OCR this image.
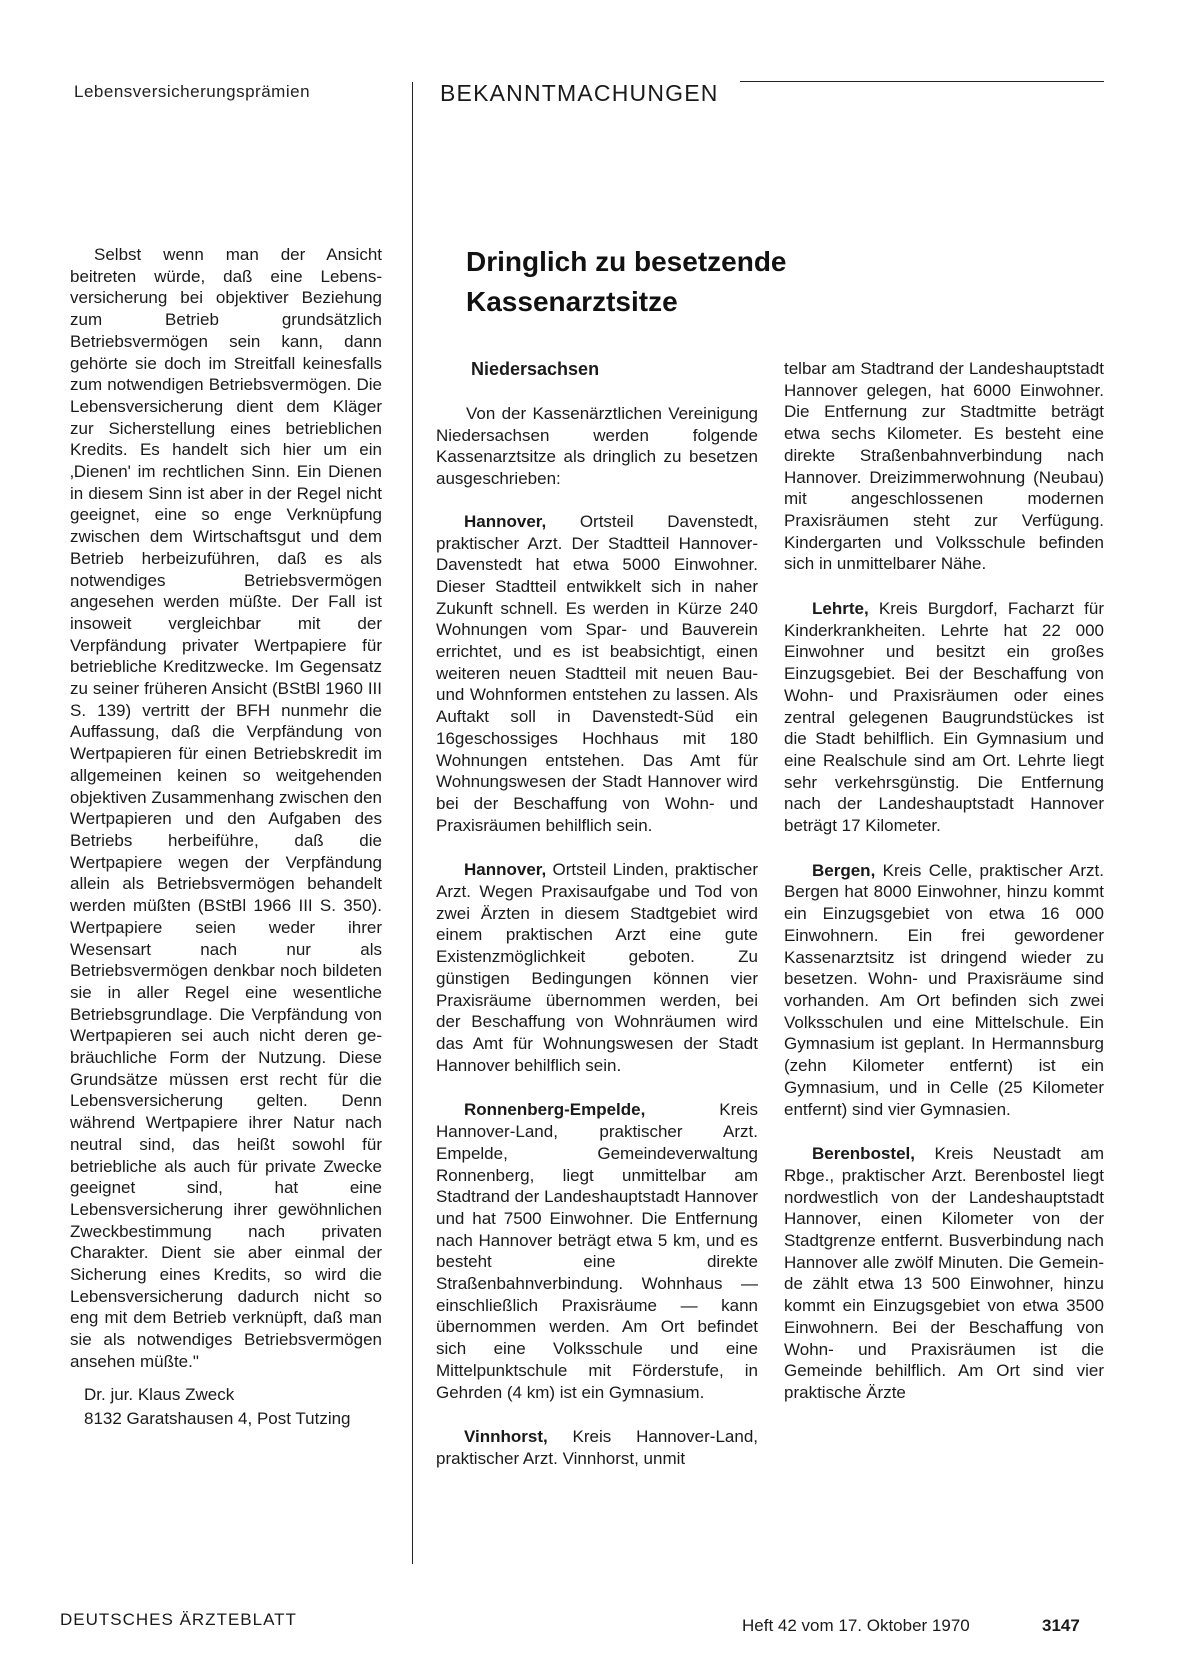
Lebensversicherungsprämien	BEKANNTMACHUNGEN

Selbst wenn man der Ansicht beitreten würde, daß eine Lebensversicherung bei objektiver Beziehung zum Betrieb grundsätzlich Betriebsvermögen sein kann, dann gehörte sie doch im Streitfall keinesfalls zum notwendigen Betriebsvermögen. Die Lebensversicherung dient dem Kläger zur Sicherstellung eines betrieblichen Kredits. Es handelt sich hier um ein ‚Dienen' im rechtlichen Sinn. Ein Dienen in diesem Sinn ist aber in der Regel nicht geeignet, eine so enge Verknüpfung zwischen dem Wirtschaftsgut und dem Betrieb herbeizuführen, daß es als notwendiges Betriebsvermögen angesehen werden müßte. Der Fall ist insoweit vergleichbar mit der Verpfändung privater Wertpapiere für betriebliche Kreditzwecke. Im Gegensatz zu seiner früheren Ansicht (BStBl 1960 III S. 139) vertritt der BFH nunmehr die Auffassung, daß die Verpfändung von Wertpapieren für einen Betriebskredit im allgemeinen keinen so weitgehenden objektiven Zusammenhang zwischen den Wertpapieren und den Aufgaben des Betriebs herbeiführe, daß die Wertpapiere wegen der Verpfändung allein als Betriebsvermögen behandelt werden müßten (BStBl 1966 III S. 350). Wertpapiere seien weder ihrer Wesensart nach nur als Betriebsvermögen denkbar noch bildeten sie in aller Regel eine wesentliche Betriebsgrundlage. Die Verpfändung von Wertpapieren sei auch nicht deren gebräuchliche Form der Nutzung. Diese Grundsätze müssen erst recht für die Lebensversicherung gelten. Denn während Wertpapiere ihrer Natur nach neutral sind, das heißt sowohl für betriebliche als auch für private Zwecke geeignet sind, hat eine Lebensversicherung ihrer gewöhnlichen Zweckbestimmung nach privaten Charakter. Dient sie aber einmal der Sicherung eines Kredits, so wird die Lebensversicherung dadurch nicht so eng mit dem Betrieb verknüpft, daß man sie als notwendiges Betriebsvermögen ansehen müßte."

Dr. jur. Klaus Zweck
8132 Garatshausen 4, Post Tutzing

Dringlich zu besetzende
Kassenarztsitze
Niedersachsen

Von der Kassenärztlichen Vereinigung Niedersachsen werden folgende Kassenarztsitze als dringlich zu besetzen ausgeschrieben:

Hannover, Ortsteil Davenstedt, praktischer Arzt. Der Stadtteil Hannover-Davenstedt hat etwa 5000 Einwohner. Dieser Stadtteil entwikkelt sich in naher Zukunft schnell. Es werden in Kürze 240 Wohnungen vom Spar- und Bauverein errichtet, und es ist beabsichtigt, einen weiteren neuen Stadtteil mit neuen Bau- und Wohnformen entstehen zu lassen. Als Auftakt soll in Davenstedt-Süd ein 16geschossiges Hochhaus mit 180 Wohnungen entstehen. Das Amt für Wohnungswesen der Stadt Hannover wird bei der Beschaffung von Wohn- und Praxisräumen behilflich sein.

Hannover, Ortsteil Linden, praktischer Arzt. Wegen Praxisaufgabe und Tod von zwei Ärzten in diesem Stadtgebiet wird einem praktischen Arzt eine gute Existenzmöglichkeit geboten. Zu günstigen Bedingungen können vier Praxisräume übernommen werden, bei der Beschaffung von Wohnräumen wird das Amt für Wohnungswesen der Stadt Hannover behilflich sein.

Ronnenberg-Empelde, Kreis Hannover-Land, praktischer Arzt. Empelde, Gemeindeverwaltung Ronnenberg, liegt unmittelbar am Stadtrand der Landeshauptstadt Hannover und hat 7500 Einwohner. Die Entfernung nach Hannover beträgt etwa 5 km, und es besteht eine direkte Straßenbahnverbindung. Wohnhaus — einschließlich Praxisräume — kann übernommen werden. Am Ort befindet sich eine Volksschule und eine Mittelpunktschule mit Förderstufe, in Gehrden (4 km) ist ein Gymnasium.

Vinnhorst, Kreis Hannover-Land, praktischer Arzt. Vinnhorst, unmit

telbar am Stadtrand der Landeshauptstadt Hannover gelegen, hat 6000 Einwohner. Die Entfernung zur Stadtmitte beträgt etwa sechs Kilometer. Es besteht eine direkte Straßenbahnverbindung nach Hannover. Dreizimmerwohnung (Neubau) mit angeschlossenen modernen Praxisräumen steht zur Verfügung. Kindergarten und Volksschule befinden sich in unmittelbarer Nähe.

Lehrte, Kreis Burgdorf, Facharzt für Kinderkrankheiten. Lehrte hat 22 000 Einwohner und besitzt ein großes Einzugsgebiet. Bei der Beschaffung von Wohn- und Praxisräumen oder eines zentral gelegenen Baugrundstückes ist die Stadt behilflich. Ein Gymnasium und eine Realschule sind am Ort. Lehrte liegt sehr verkehrsgünstig. Die Entfernung nach der Landeshauptstadt Hannover beträgt 17 Kilometer.

Bergen, Kreis Celle, praktischer Arzt. Bergen hat 8000 Einwohner, hinzu kommt ein Einzugsgebiet von etwa 16 000 Einwohnern. Ein frei gewordener Kassenarztsitz ist dringend wieder zu besetzen. Wohn- und Praxisräume sind vorhanden. Am Ort befinden sich zwei Volksschulen und eine Mittelschule. Ein Gymnasium ist geplant. In Hermannsburg (zehn Kilometer entfernt) ist ein Gymnasium, und in Celle (25 Kilometer entfernt) sind vier Gymnasien.

Berenbostel, Kreis Neustadt am Rbge., praktischer Arzt. Berenbostel liegt nordwestlich von der Landeshauptstadt Hannover, einen Kilometer von der Stadtgrenze entfernt. Busverbindung nach Hannover alle zwölf Minuten. Die Gemeinde zählt etwa 13 500 Einwohner, hinzu kommt ein Einzugsgebiet von etwa 3500 Einwohnern. Bei der Beschaffung von Wohn- und Praxisräumen ist die Gemeinde behilflich. Am Ort sind vier praktische Ärzte

DEUTSCHES ÄRZTEBLATT	Heft 42 vom 17. Oktober 1970	3147
